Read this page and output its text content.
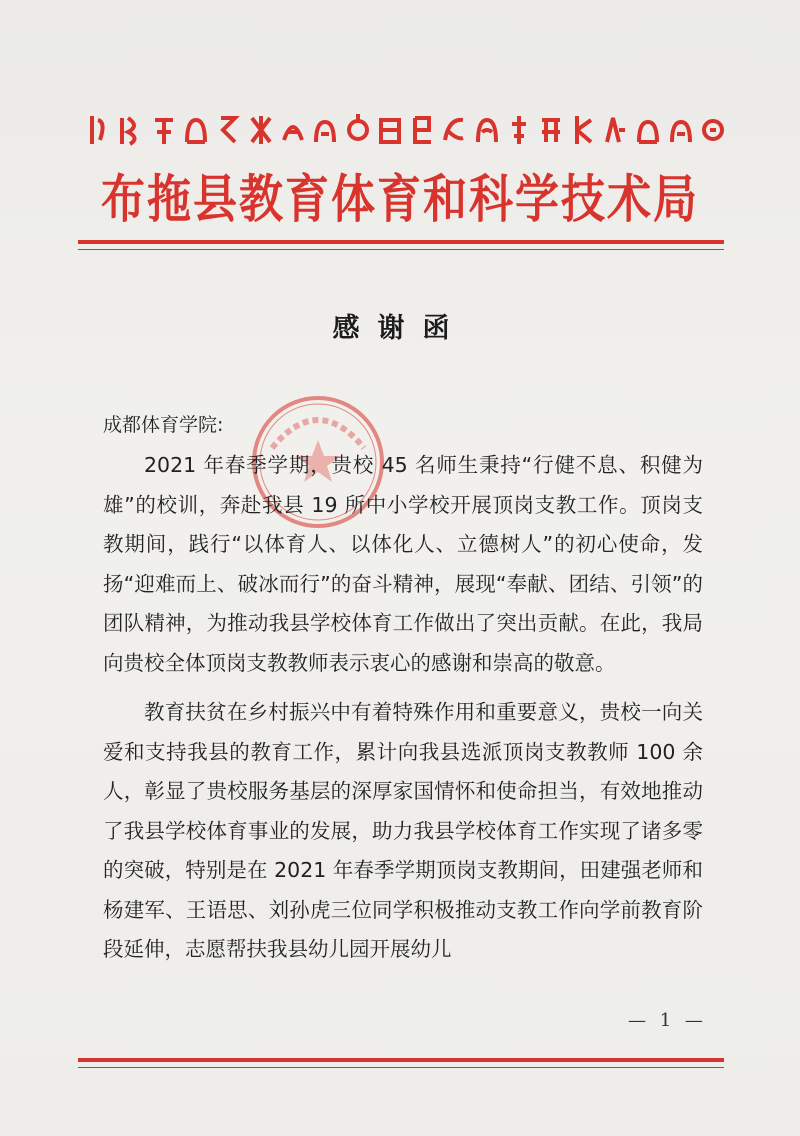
布拖县教育体育和科学技术局
感谢函
成都体育学院:

2021 年春季学期，贵校 45 名师生秉持“行健不息、积健为雄”的校训，奔赴我县 19 所中小学校开展顶岗支教工作。顶岗支教期间，践行“以体育人、以体化人、立德树人”的初心使命，发扬“迎难而上、破冰而行”的奋斗精神，展现“奉献、团结、引领”的团队精神，为推动我县学校体育工作做出了突出贡献。在此，我局向贵校全体顶岗支教教师表示衷心的感谢和崇高的敬意。

教育扶贫在乡村振兴中有着特殊作用和重要意义，贵校一向关爱和支持我县的教育工作，累计向我县选派顶岗支教教师 100 余人，彰显了贵校服务基层的深厚家国情怀和使命担当，有效地推动了我县学校体育事业的发展，助力我县学校体育工作实现了诸多零的突破，特别是在 2021 年春季学期顶岗支教期间，田建强老师和杨建军、王语思、刘孙虎三位同学积极推动支教工作向学前教育阶段延伸，志愿帮扶我县幼儿园开展幼儿

— 1 —
